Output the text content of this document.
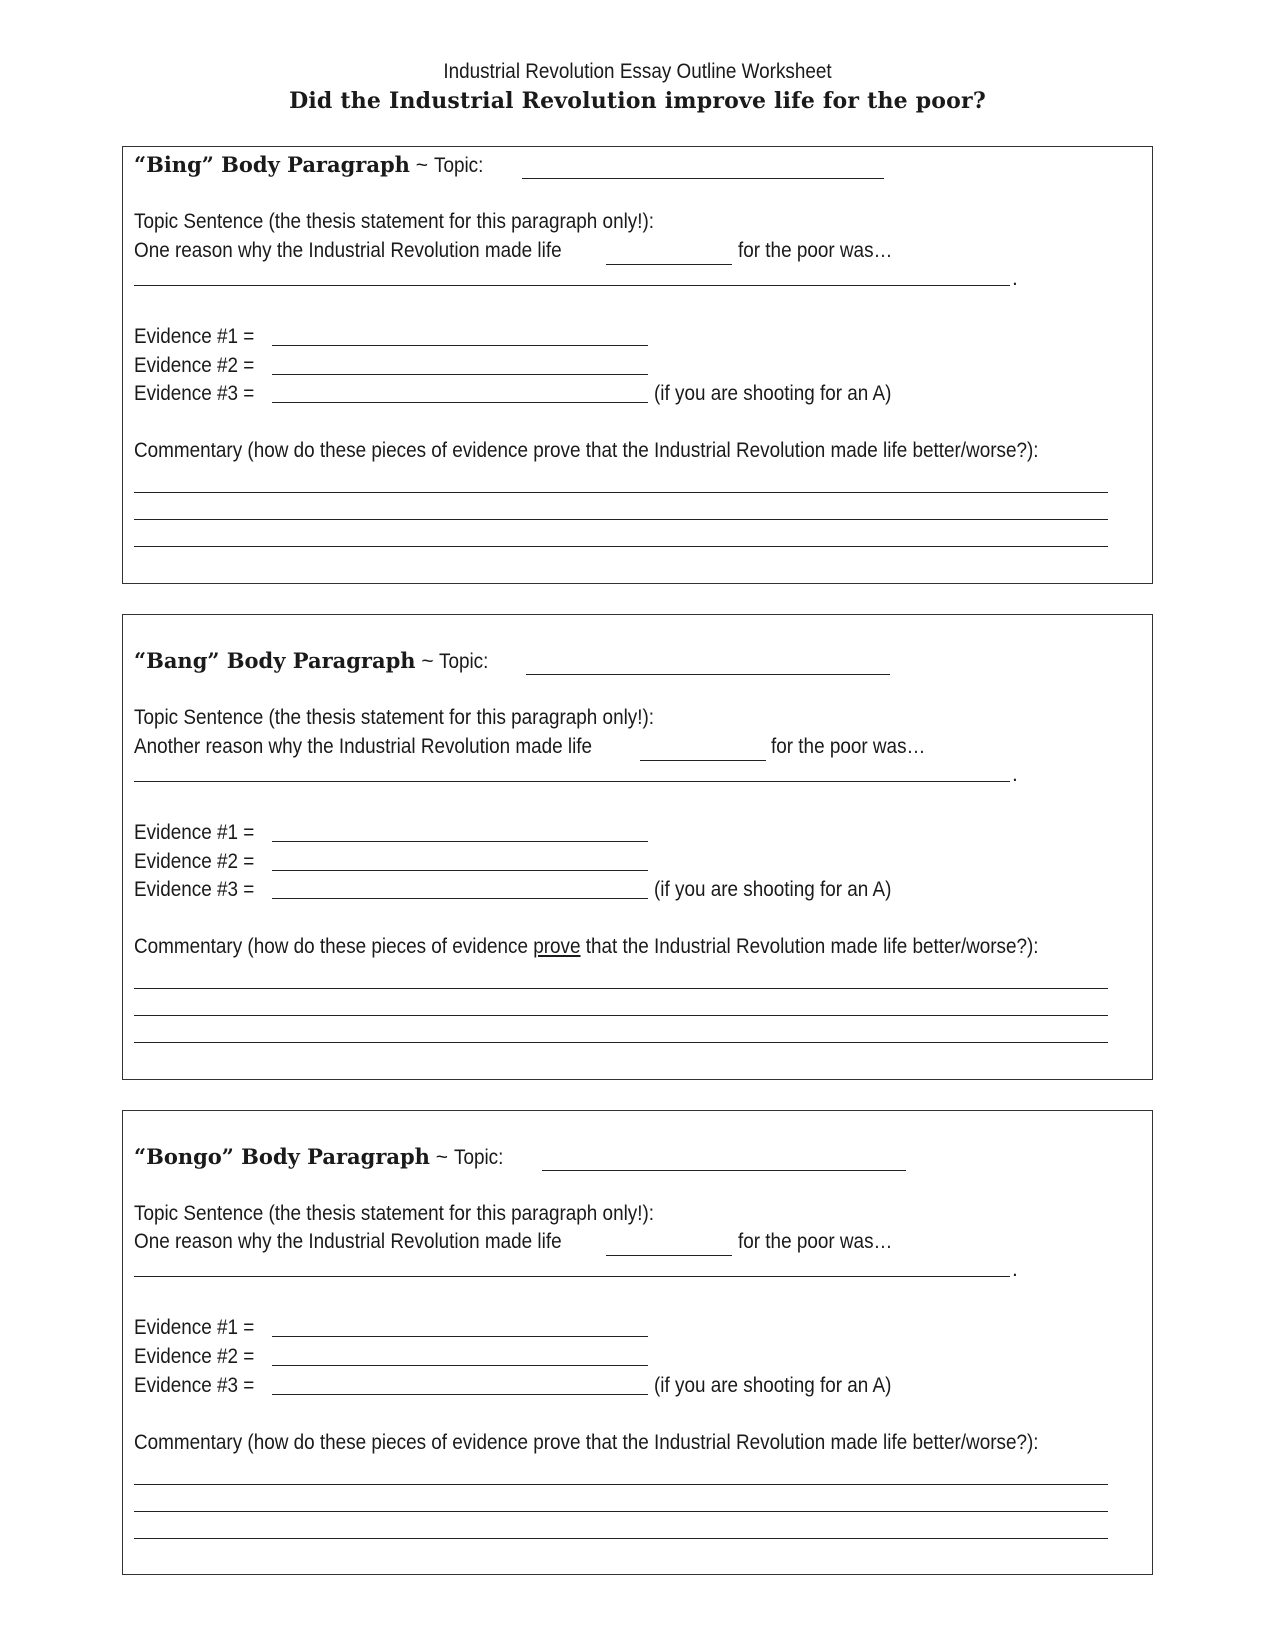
Industrial Revolution Essay Outline Worksheet
Did the Industrial Revolution improve life for the poor?
“Bing” Body Paragraph ~ Topic:
Topic Sentence (the thesis statement for this paragraph only!):
One reason why the Industrial Revolution made life	for the poor was…
.
Evidence #1 =
Evidence #2 =
Evidence #3 =	(if you are shooting for an A)
Commentary (how do these pieces of evidence prove that the Industrial Revolution made life better/worse?):
“Bang” Body Paragraph ~ Topic:
Topic Sentence (the thesis statement for this paragraph only!):
Another reason why the Industrial Revolution made life	for the poor was…
.
Evidence #1 =
Evidence #2 =
Evidence #3 =	(if you are shooting for an A)
Commentary (how do these pieces of evidence prove that the Industrial Revolution made life better/worse?):
“Bongo” Body Paragraph ~ Topic:
Topic Sentence (the thesis statement for this paragraph only!):
One reason why the Industrial Revolution made life	for the poor was…
.
Evidence #1 =
Evidence #2 =
Evidence #3 =	(if you are shooting for an A)
Commentary (how do these pieces of evidence prove that the Industrial Revolution made life better/worse?):
